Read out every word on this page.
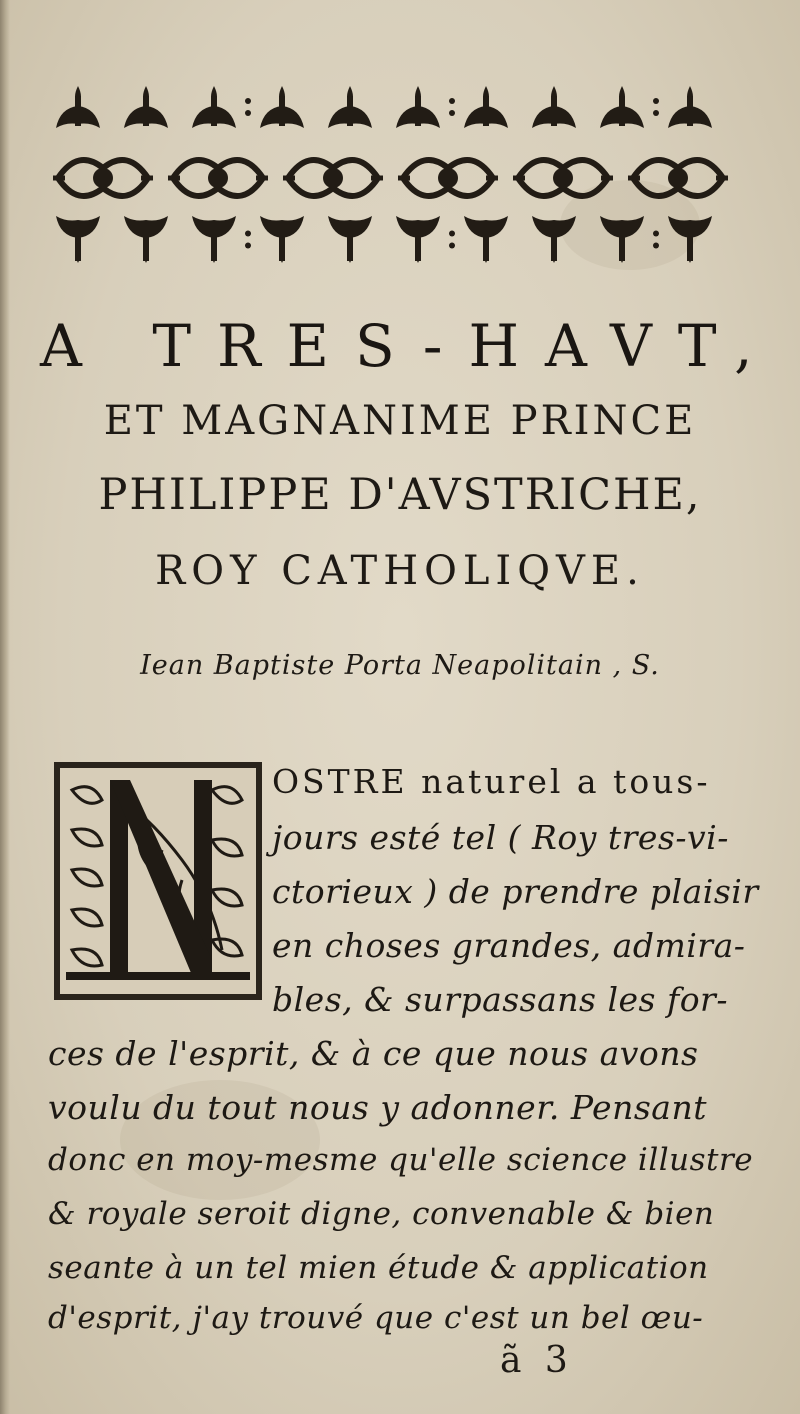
A TRES-HAVT,
ET MAGNANIME PRINCE
PHILIPPE D'AVSTRICHE,
ROY CATHOLIQVE.
Iean Baptiste Porta Neapolitain , S.
OSTRE naturel a tous-
jours esté tel ( Roy tres-vi-
ctorieux ) de prendre plaisir
en choses grandes, admira-
bles, & surpassans les for-
ces de l'esprit, & à ce que nous avons
voulu du tout nous y adonner. Pensant
donc en moy-mesme qu'elle science illustre
& royale seroit digne, convenable & bien
seante à un tel mien étude & application
d'esprit, j'ay trouvé que c'est un bel œu-
ã 3
